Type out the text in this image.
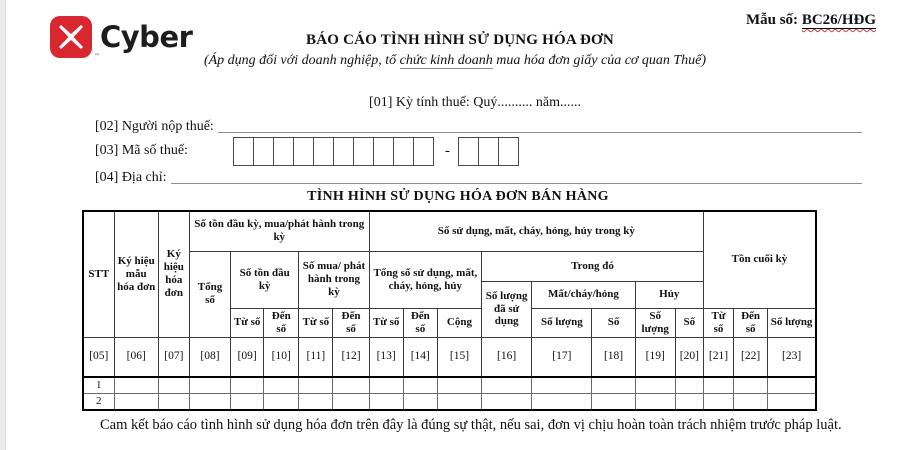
™
Cyber	Mẫu số: BC26/HĐG
BÁO CÁO TÌNH HÌNH SỬ DỤNG HÓA ĐƠN
(Áp dụng đối với doanh nghiệp, tổ chức kinh doanh mua hóa đơn giấy của cơ quan Thuế)
[01] Kỳ tính thuế: Quý.......... năm......
[02] Người nộp thuế:
[03] Mã số thuế:	-
[04] Địa chỉ:
TÌNH HÌNH SỬ DỤNG HÓA ĐƠN BÁN HÀNG
STT	Ký hiệu mẫu hóa đơn	Ký hiệu hóa đơn	Số tồn đầu kỳ, mua/phát hành trong kỳ					Số sử dụng, mất, cháy, hỏng, hủy trong kỳ								Tồn cuối kỳ		
			Tổng số	Số tồn đầu kỳ		Số mua/ phát hành trong kỳ		Tổng số sử dụng, mất, cháy, hỏng, hủy			Trong đó							
											Số lượng đã sử dụng	Mất/cháy/hỏng		Hủy				
				Từ số	Đến số	Từ số	Đến số	Từ số	Đến số	Cộng		Số lượng	Số	Số lượng	Số	Từ số	Đến số	Số lượng
[05]	[06]	[07]	[08]	[09]	[10]	[11]	[12]	[13]	[14]	[15]	[16]	[17]	[18]	[19]	[20]	[21]	[22]	[23]
1																		
2																		
Cam kết báo cáo tình hình sử dụng hóa đơn trên đây là đúng sự thật, nếu sai, đơn vị chịu hoàn toàn trách nhiệm trước pháp luật.
